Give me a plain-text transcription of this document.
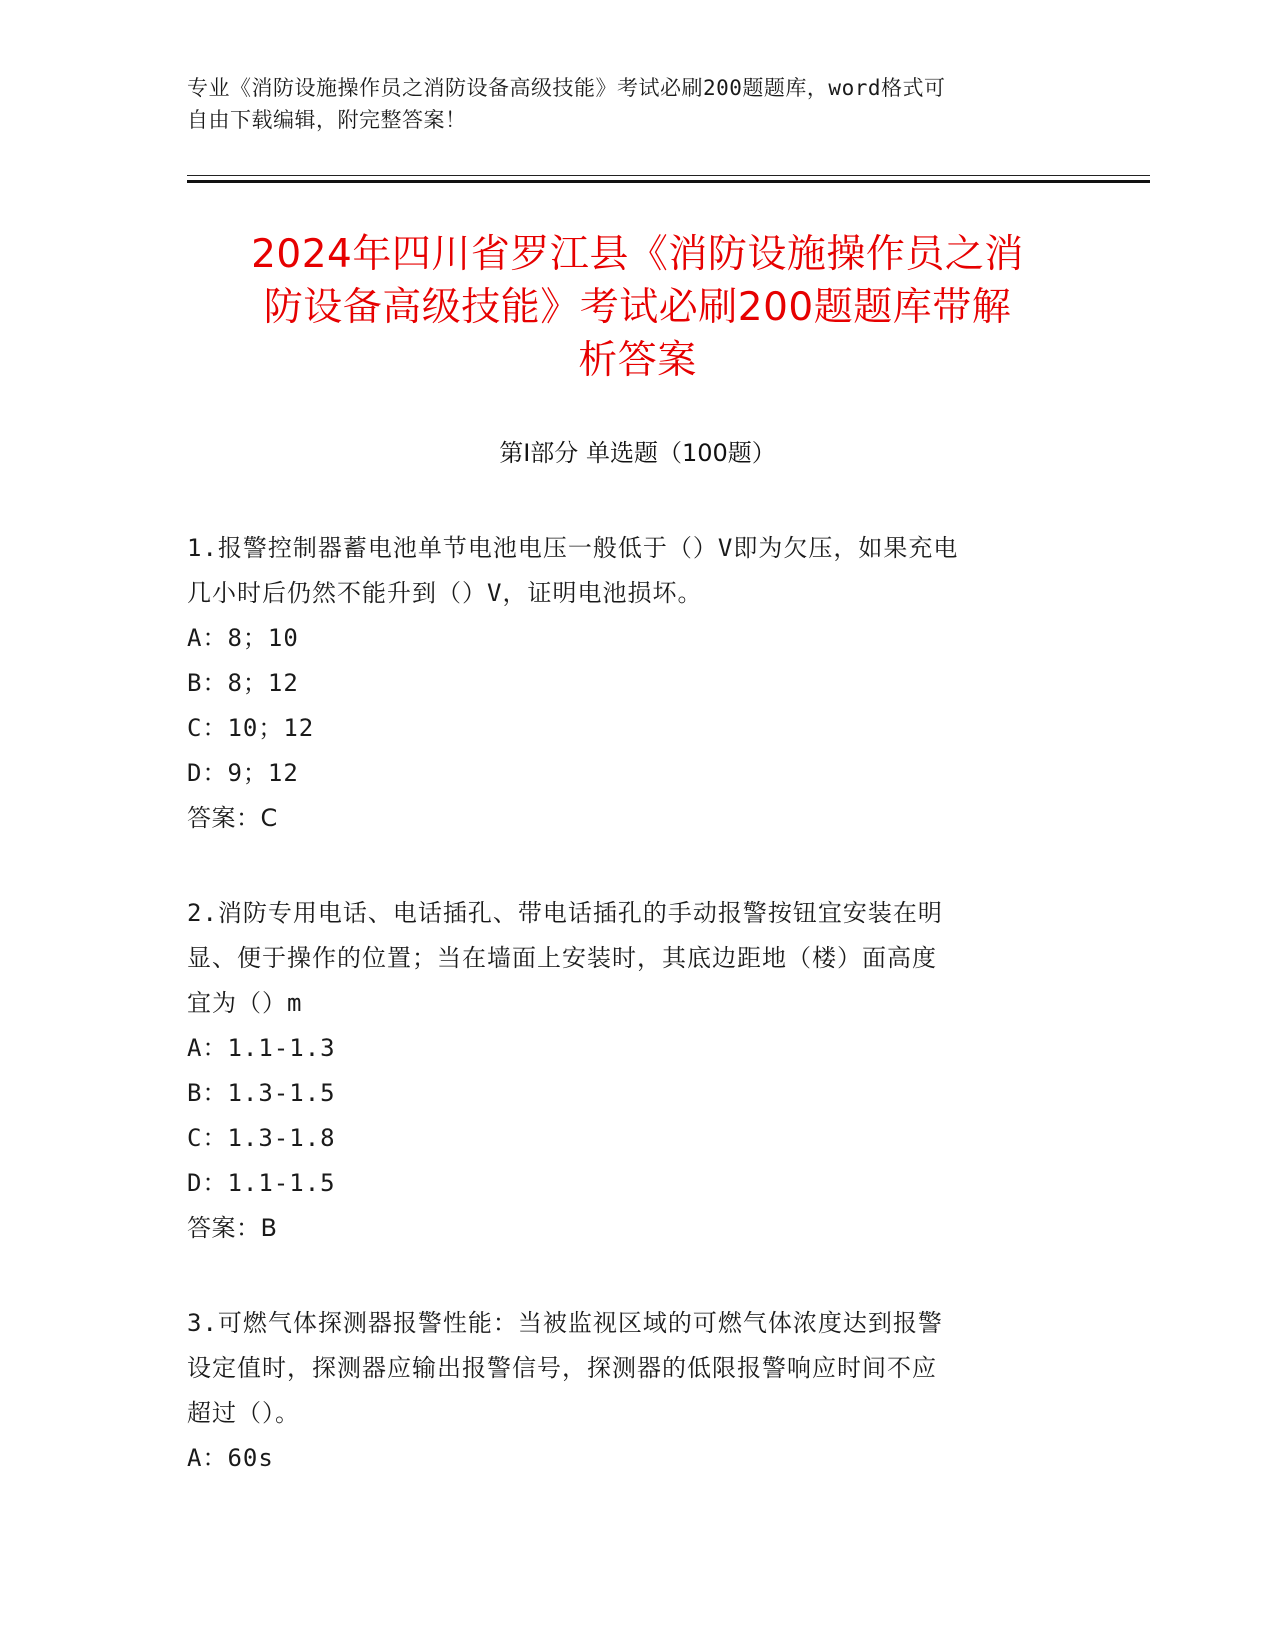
专业《消防设施操作员之消防设备高级技能》考试必刷200题题库，word格式可
自由下载编辑，附完整答案！
2024年四川省罗江县《消防设施操作员之消
防设备高级技能》考试必刷200题题库带解
析答案
第Ⅰ部分 单选题（100题）

1.报警控制器蓄电池单节电池电压一般低于（）V即为欠压，如果充电

几小时后仍然不能升到（）V，证明电池损坏。

A：8；10

B：8；12

C：10；12

D：9；12

答案：C

2.消防专用电话、电话插孔、带电话插孔的手动报警按钮宜安装在明

显、便于操作的位置；当在墙面上安装时，其底边距地（楼）面高度

宜为（）m

A：1.1-1.3

B：1.3-1.5

C：1.3-1.8

D：1.1-1.5

答案：B

3.可燃气体探测器报警性能：当被监视区域的可燃气体浓度达到报警

设定值时，探测器应输出报警信号，探测器的低限报警响应时间不应

超过（）。

A：60s
